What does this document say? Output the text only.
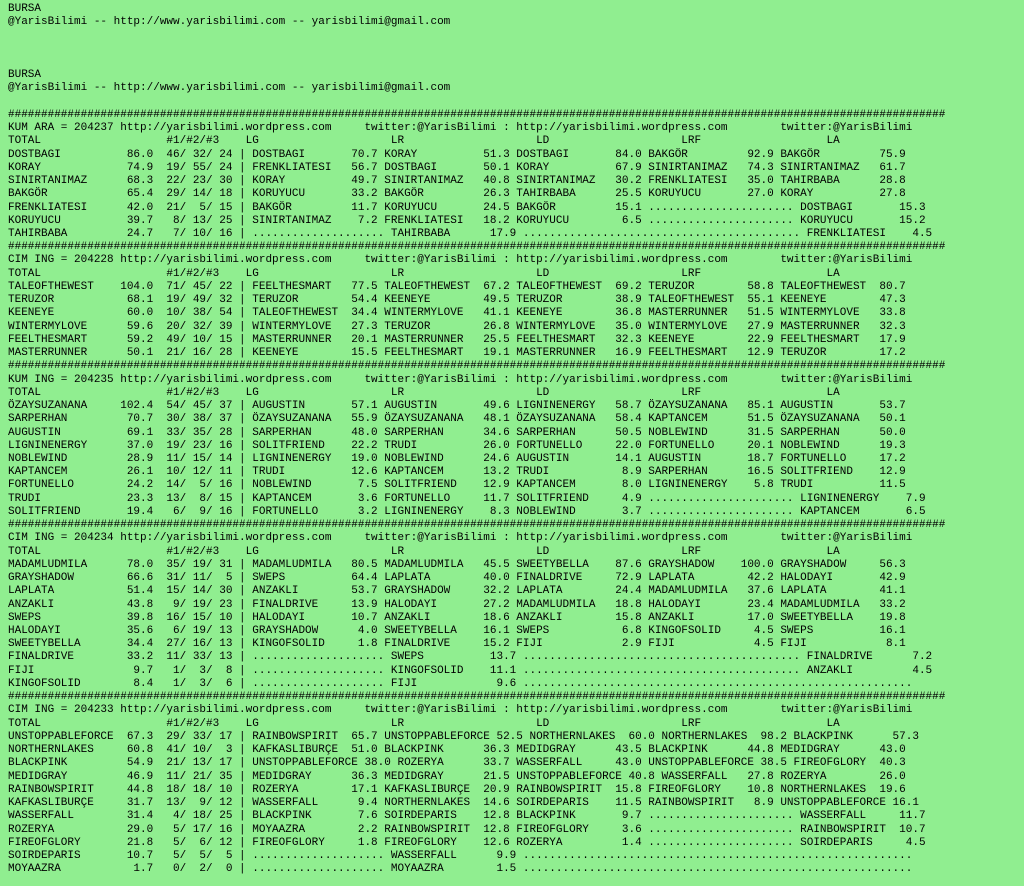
BURSA
@YarisBilimi -- http://www.yarisbilimi.com -- yarisbilimi@gmail.com

BURSA
@YarisBilimi -- http://www.yarisbilimi.com -- yarisbilimi@gmail.com

##############################################################################################################################################
KUM ARA = 204237 http://yarisbilimi.wordpress.com     twitter:@YarisBilimi : http://yarisbilimi.wordpress.com        twitter:@YarisBilimi
TOTAL                   #1/#2/#3    LG                    LR                    LD                    LRF                   LA
DOSTBAGI          86.0  46/ 32/ 24 | DOSTBAGI       70.7 KORAY          51.3 DOSTBAGI       84.0 BAKGÖR         92.9 BAKGÖR         75.9
KORAY             74.9  19/ 55/ 24 | FRENKLIATESI   56.7 DOSTBAGI       50.1 KORAY          67.9 SINIRTANIMAZ   74.3 SINIRTANIMAZ   61.7
SINIRTANIMAZ      68.3  22/ 23/ 30 | KORAY          49.7 SINIRTANIMAZ   40.8 SINIRTANIMAZ   30.2 FRENKLIATESI   35.0 TAHIRBABA      28.8
BAKGÖR            65.4  29/ 14/ 18 | KORUYUCU       33.2 BAKGÖR         26.3 TAHIRBABA      25.5 KORUYUCU       27.0 KORAY          27.8
FRENKLIATESI      42.0  21/  5/ 15 | BAKGÖR         11.7 KORUYUCU       24.5 BAKGÖR         15.1 ...................... DOSTBAGI       15.3
KORUYUCU          39.7   8/ 13/ 25 | SINIRTANIMAZ    7.2 FRENKLIATESI   18.2 KORUYUCU        6.5 ...................... KORUYUCU       15.2
TAHIRBABA         24.7   7/ 10/ 16 | .................... TAHIRBABA      17.9 .......................................... FRENKLIATESI    4.5
##############################################################################################################################################
CIM ING = 204228 http://yarisbilimi.wordpress.com     twitter:@YarisBilimi : http://yarisbilimi.wordpress.com        twitter:@YarisBilimi
TOTAL                   #1/#2/#3    LG                    LR                    LD                    LRF                   LA
TALEOFTHEWEST    104.0  71/ 45/ 22 | FEELTHESMART   77.5 TALEOFTHEWEST  67.2 TALEOFTHEWEST  69.2 TERUZOR        58.8 TALEOFTHEWEST  80.7
TERUZOR           68.1  19/ 49/ 32 | TERUZOR        54.4 KEENEYE        49.5 TERUZOR        38.9 TALEOFTHEWEST  55.1 KEENEYE        47.3
KEENEYE           60.0  10/ 38/ 54 | TALEOFTHEWEST  34.4 WINTERMYLOVE   41.1 KEENEYE        36.8 MASTERRUNNER   51.5 WINTERMYLOVE   33.8
WINTERMYLOVE      59.6  20/ 32/ 39 | WINTERMYLOVE   27.3 TERUZOR        26.8 WINTERMYLOVE   35.0 WINTERMYLOVE   27.9 MASTERRUNNER   32.3
FEELTHESMART      59.2  49/ 10/ 15 | MASTERRUNNER   20.1 MASTERRUNNER   25.5 FEELTHESMART   32.3 KEENEYE        22.9 FEELTHESMART   17.9
MASTERRUNNER      50.1  21/ 16/ 28 | KEENEYE        15.5 FEELTHESMART   19.1 MASTERRUNNER   16.9 FEELTHESMART   12.9 TERUZOR        17.2
##############################################################################################################################################
KUM ING = 204235 http://yarisbilimi.wordpress.com     twitter:@YarisBilimi : http://yarisbilimi.wordpress.com        twitter:@YarisBilimi
TOTAL                   #1/#2/#3    LG                    LR                    LD                    LRF                   LA
ÖZAYSUZANANA     102.4  54/ 45/ 37 | AUGUSTIN       57.1 AUGUSTIN       49.6 LIGNINENERGY   58.7 ÖZAYSUZANANA   85.1 AUGUSTIN       53.7
SARPERHAN         70.7  30/ 38/ 37 | ÖZAYSUZANANA   55.9 ÖZAYSUZANANA   48.1 ÖZAYSUZANANA   58.4 KAPTANCEM      51.5 ÖZAYSUZANANA   50.1
AUGUSTIN          69.1  33/ 35/ 28 | SARPERHAN      48.0 SARPERHAN      34.6 SARPERHAN      50.5 NOBLEWIND      31.5 SARPERHAN      50.0
LIGNINENERGY      37.0  19/ 23/ 16 | SOLITFRIEND    22.2 TRUDI          26.0 FORTUNELLO     22.0 FORTUNELLO     20.1 NOBLEWIND      19.3
NOBLEWIND         28.9  11/ 15/ 14 | LIGNINENERGY   19.0 NOBLEWIND      24.6 AUGUSTIN       14.1 AUGUSTIN       18.7 FORTUNELLO     17.2
KAPTANCEM         26.1  10/ 12/ 11 | TRUDI          12.6 KAPTANCEM      13.2 TRUDI           8.9 SARPERHAN      16.5 SOLITFRIEND    12.9
FORTUNELLO        24.2  14/  5/ 16 | NOBLEWIND       7.5 SOLITFRIEND    12.9 KAPTANCEM       8.0 LIGNINENERGY    5.8 TRUDI          11.5
TRUDI             23.3  13/  8/ 15 | KAPTANCEM       3.6 FORTUNELLO     11.7 SOLITFRIEND     4.9 ...................... LIGNINENERGY    7.9
SOLITFRIEND       19.4   6/  9/ 16 | FORTUNELLO      3.2 LIGNINENERGY    8.3 NOBLEWIND       3.7 ...................... KAPTANCEM       6.5
##############################################################################################################################################
CIM ING = 204234 http://yarisbilimi.wordpress.com     twitter:@YarisBilimi : http://yarisbilimi.wordpress.com        twitter:@YarisBilimi
TOTAL                   #1/#2/#3    LG                    LR                    LD                    LRF                   LA
MADAMLUDMILA      78.0  35/ 19/ 31 | MADAMLUDMILA   80.5 MADAMLUDMILA   45.5 SWEETYBELLA    87.6 GRAYSHADOW    100.0 GRAYSHADOW     56.3
GRAYSHADOW        66.6  31/ 11/  5 | SWEPS          64.4 LAPLATA        40.0 FINALDRIVE     72.9 LAPLATA        42.2 HALODAYI       42.9
LAPLATA           51.4  15/ 14/ 30 | ANZAKLI        53.7 GRAYSHADOW     32.2 LAPLATA        24.4 MADAMLUDMILA   37.6 LAPLATA        41.1
ANZAKLI           43.8   9/ 19/ 23 | FINALDRIVE     13.9 HALODAYI       27.2 MADAMLUDMILA   18.8 HALODAYI       23.4 MADAMLUDMILA   33.2
SWEPS             39.8  16/ 15/ 10 | HALODAYI       10.7 ANZAKLI        18.6 ANZAKLI        15.8 ANZAKLI        17.0 SWEETYBELLA    19.8
HALODAYI          35.6   6/ 19/ 13 | GRAYSHADOW      4.0 SWEETYBELLA    16.1 SWEPS           6.8 KINGOFSOLID     4.5 SWEPS          16.1
SWEETYBELLA       34.4  27/ 16/ 13 | KINGOFSOLID     1.8 FINALDRIVE     15.2 FIJI            2.9 FIJI            4.5 FIJI            8.1
FINALDRIVE        33.2  11/ 33/ 13 | .................... SWEPS          13.7 .......................................... FINALDRIVE      7.2
FIJI               9.7   1/  3/  8 | .................... KINGOFSOLID    11.1 .......................................... ANZAKLI         4.5
KINGOFSOLID        8.4   1/  3/  6 | .................... FIJI            9.6 ...........................................................
##############################################################################################################################################
CIM ING = 204233 http://yarisbilimi.wordpress.com     twitter:@YarisBilimi : http://yarisbilimi.wordpress.com        twitter:@YarisBilimi
TOTAL                   #1/#2/#3    LG                    LR                    LD                    LRF                   LA
UNSTOPPABLEFORCE  67.3  29/ 33/ 17 | RAINBOWSPIRIT  65.7 UNSTOPPABLEFORCE 52.5 NORTHERNLAKES  60.0 NORTHERNLAKES  98.2 BLACKPINK      57.3
NORTHERNLAKES     60.8  41/ 10/  3 | KAFKASLIBURÇE  51.0 BLACKPINK      36.3 MEDIDGRAY      43.5 BLACKPINK      44.8 MEDIDGRAY      43.0
BLACKPINK         54.9  21/ 13/ 17 | UNSTOPPABLEFORCE 38.0 ROZERYA      33.7 WASSERFALL     43.0 UNSTOPPABLEFORCE 38.5 FIREOFGLORY  40.3
MEDIDGRAY         46.9  11/ 21/ 35 | MEDIDGRAY      36.3 MEDIDGRAY      21.5 UNSTOPPABLEFORCE 40.8 WASSERFALL   27.8 ROZERYA        26.0
RAINBOWSPIRIT     44.8  18/ 18/ 10 | ROZERYA        17.1 KAFKASLIBURÇE  20.9 RAINBOWSPIRIT  15.8 FIREOFGLORY    10.8 NORTHERNLAKES  19.6
KAFKASLIBURÇE     31.7  13/  9/ 12 | WASSERFALL      9.4 NORTHERNLAKES  14.6 SOIRDEPARIS    11.5 RAINBOWSPIRIT   8.9 UNSTOPPABLEFORCE 16.1
WASSERFALL        31.4   4/ 18/ 25 | BLACKPINK       7.6 SOIRDEPARIS    12.8 BLACKPINK       9.7 ...................... WASSERFALL     11.7
ROZERYA           29.0   5/ 17/ 16 | MOYAAZRA        2.2 RAINBOWSPIRIT  12.8 FIREOFGLORY     3.6 ...................... RAINBOWSPIRIT  10.7
FIREOFGLORY       21.8   5/  6/ 12 | FIREOFGLORY     1.8 FIREOFGLORY    12.6 ROZERYA         1.4 ...................... SOIRDEPARIS     4.5
SOIRDEPARIS       10.7   5/  5/  5 | .................... WASSERFALL      9.9 ...........................................................
MOYAAZRA           1.7   0/  2/  0 | .................... MOYAAZRA        1.5 ...........................................................
